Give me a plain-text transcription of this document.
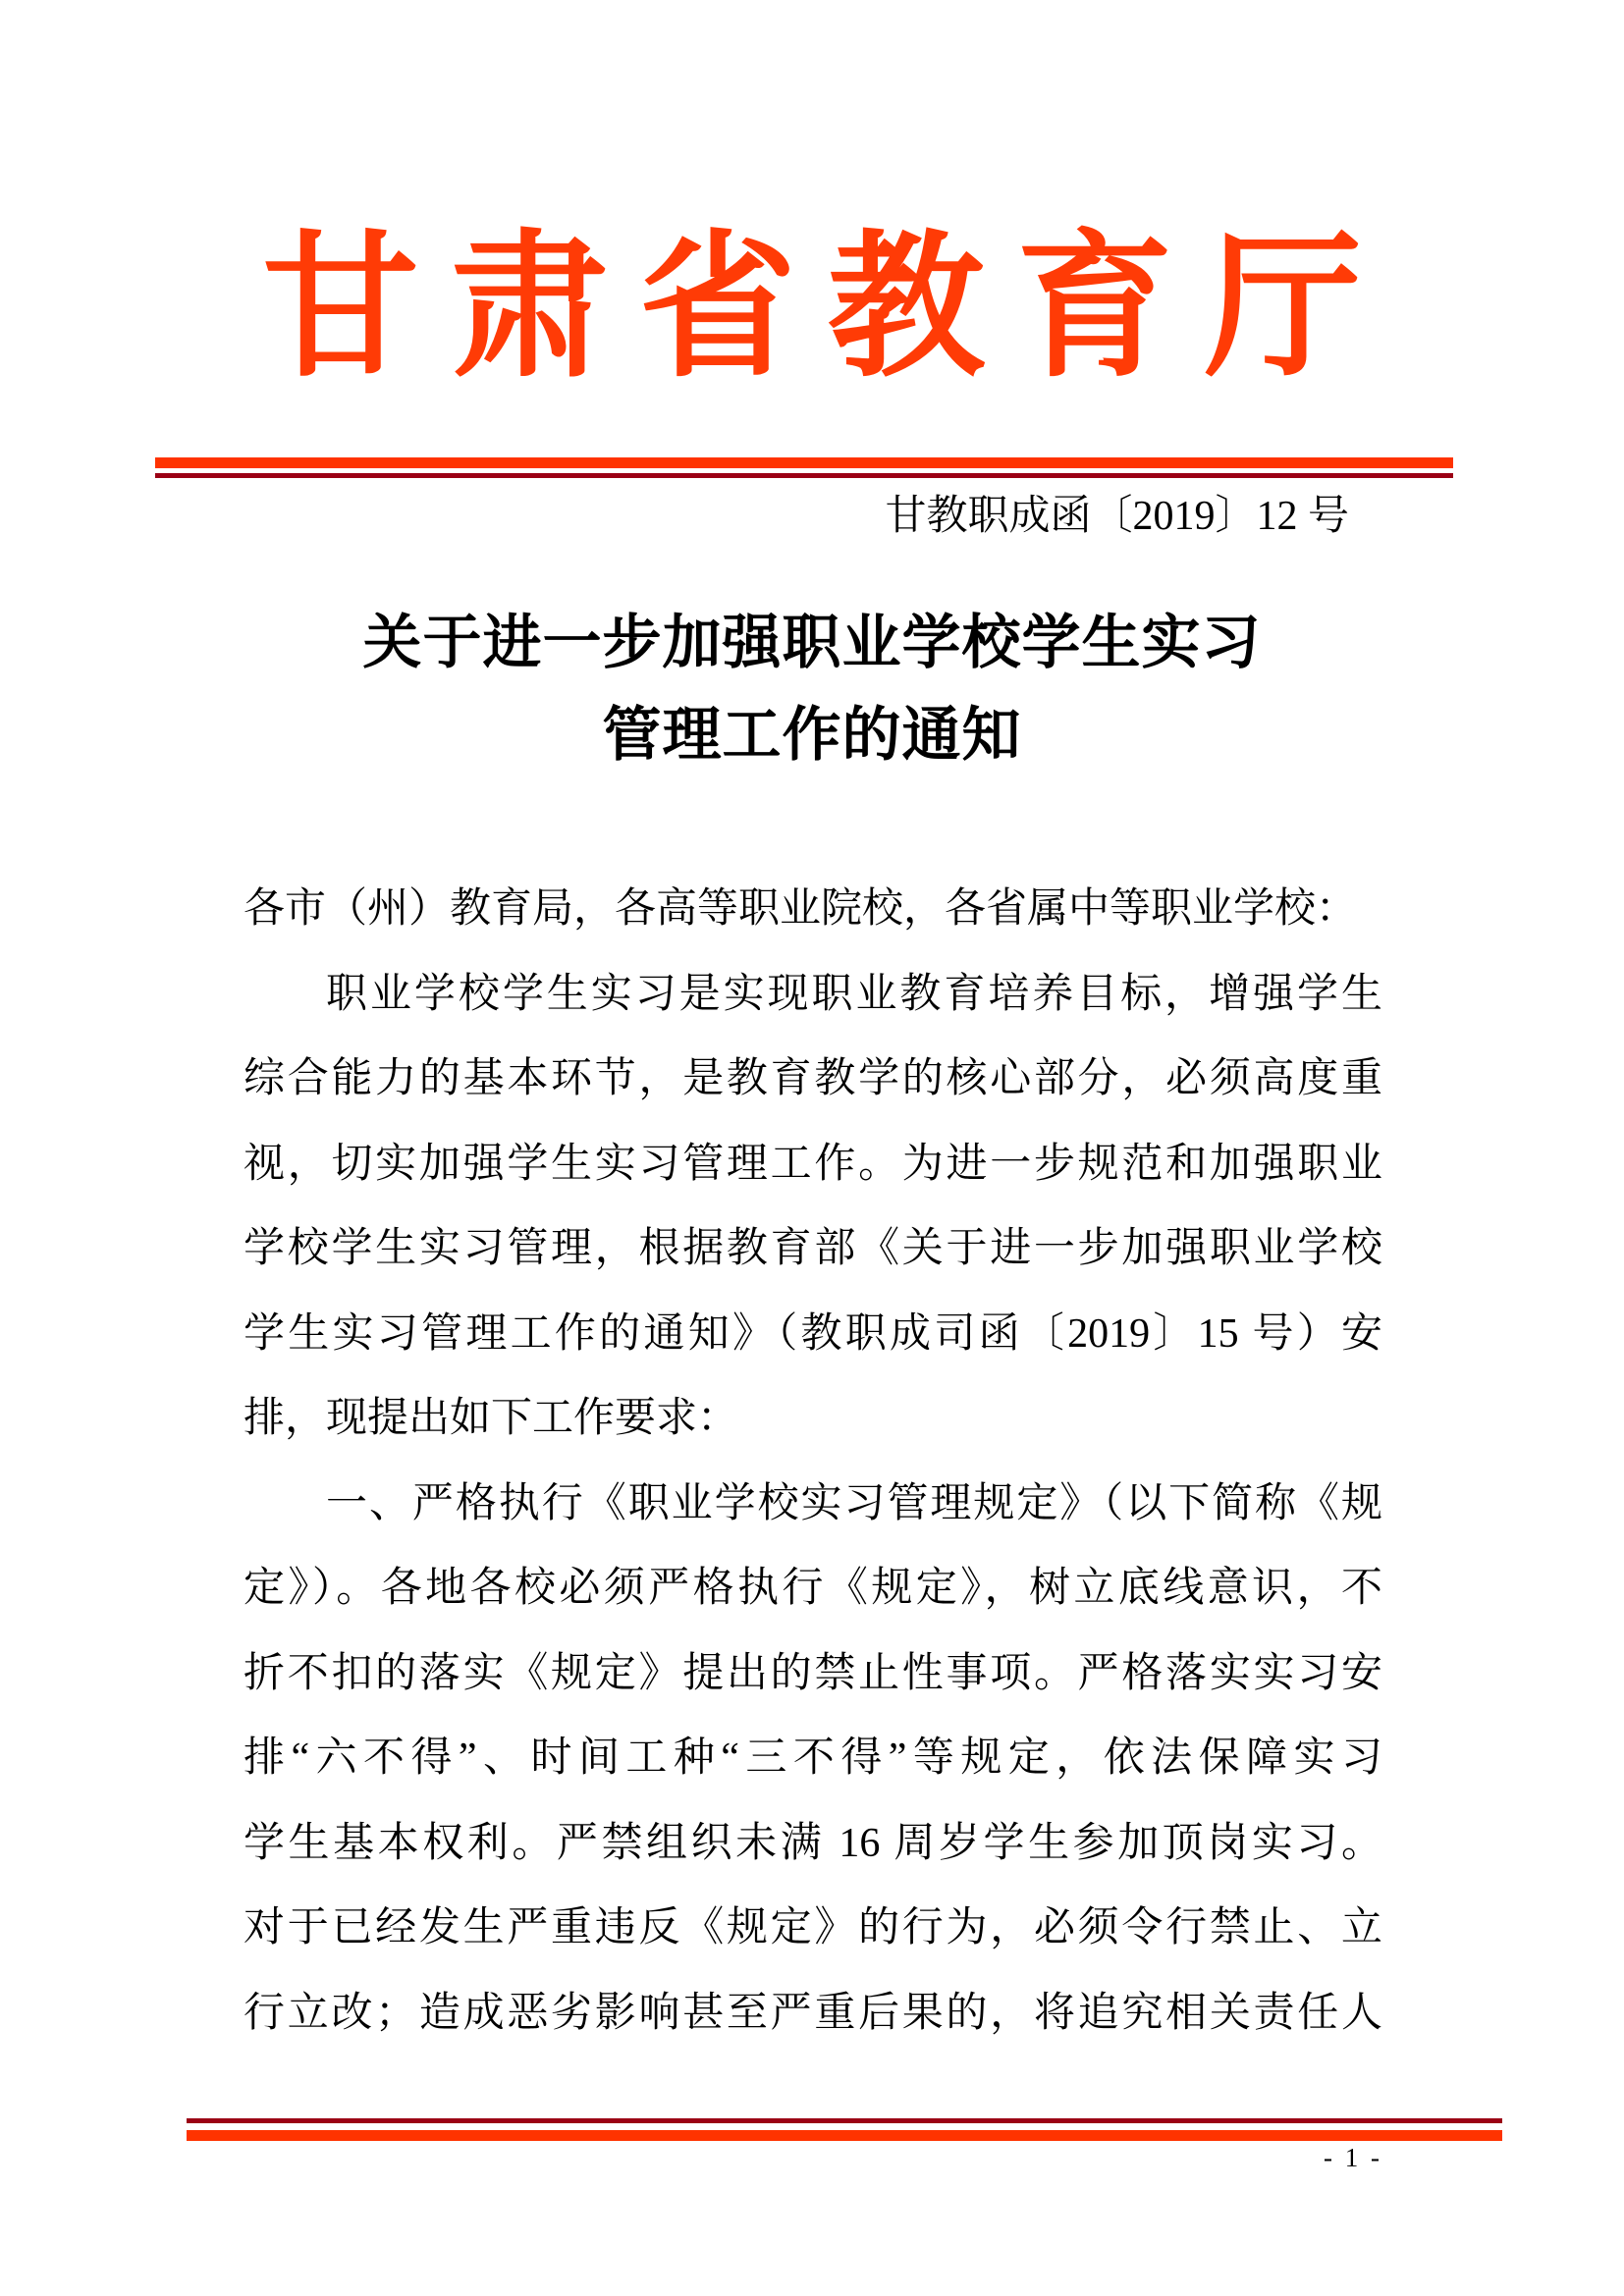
甘肃省教育厅
甘教职成函〔2019〕12 号
关于进一步加强职业学校学生实习
管理工作的通知
各市（州）教育局，各高等职业院校，各省属中等职业学校：
职业学校学生实习是实现职业教育培养目标，增强学生
综合能力的基本环节，是教育教学的核心部分，必须高度重
视，切实加强学生实习管理工作。为进一步规范和加强职业
学校学生实习管理，根据教育部《关于进一步加强职业学校
学生实习管理工作的通知》（教职成司函〔2019〕15 号）安
排，现提出如下工作要求：
一、严格执行《职业学校实习管理规定》（以下简称《规
定》）。各地各校必须严格执行《规定》，树立底线意识，不
折不扣的落实《规定》提出的禁止性事项。严格落实实习安
排“六不得”、时间工种“三不得”等规定，依法保障实习
学生基本权利。严禁组织未满 16 周岁学生参加顶岗实习。
对于已经发生严重违反《规定》的行为，必须令行禁止、立
行立改；造成恶劣影响甚至严重后果的，将追究相关责任人
- 1 -
